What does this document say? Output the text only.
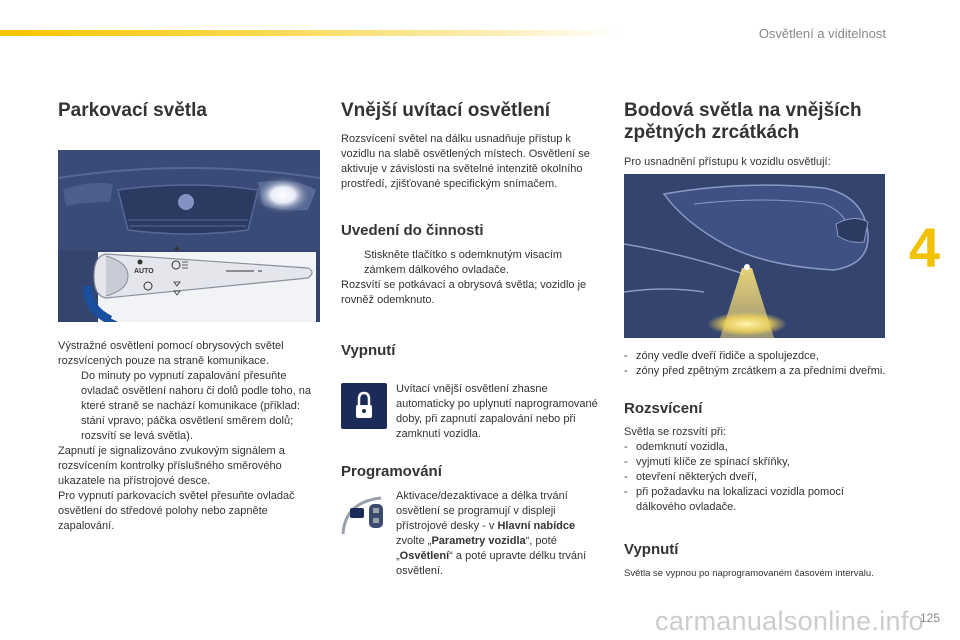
Osvětlení a viditelnost
4
carmanualsonline.info
125
Parkovací světla
AUTO

Výstražné osvětlení pomocí obrysových světel rozsvícených pouze na straně komunikace.

Do minuty po vypnutí zapalování přesuňte ovladač osvětlení nahoru či dolů podle toho, na které straně se nachází komunikace (příklad: stání vpravo; páčka osvětlení směrem dolů; rozsvítí se levá světla).

Zapnutí je signalizováno zvukovým signálem a rozsvícením kontrolky příslušného směrového ukazatele na přístrojové desce.

Pro vypnutí parkovacích světel přesuňte ovladač osvětlení do středové polohy nebo zapněte zapalování.

Vnější uvítací osvětlení

Rozsvícení světel na dálku usnadňuje přístup k vozidlu na slabě osvětlených místech. Osvětlení se aktivuje v závislosti na světelné intenzitě okolního prostředí, zjišťované specifickým snímačem.

Uvedení do činnosti

Stiskněte tlačítko s odemknutým visacím zámkem dálkového ovladače.

Rozsvítí se potkávací a obrysová světla; vozidlo je rovněž odemknuto.

Vypnutí

Uvítací vnější osvětlení zhasne automaticky po uplynutí naprogramované doby, při zapnutí zapalování nebo při zamknutí vozidla.

Programování

Aktivace/dezaktivace a délka trvání osvětlení se programují v displeji přístrojové desky - v Hlavní nabídce zvolte „Parametry vozidla“, poté „Osvětlení“ a poté upravte délku trvání osvětlení.

Bodová světla na vnějších
zpětných zrcátkách

Pro usnadnění přístupu k vozidlu osvětlují:

- zóny vedle dveří řidiče a spolujezdce,

- zóny před zpětným zrcátkem a za předními dveřmi.

Rozsvícení

Světla se rozsvítí při:

- odemknutí vozidla,

- vyjmutí klíče ze spínací skříňky,

- otevření některých dveří,

- při požadavku na lokalizaci vozidla pomocí dálkového ovladače.

Vypnutí

Světla se vypnou po naprogramovaném časovém intervalu.
